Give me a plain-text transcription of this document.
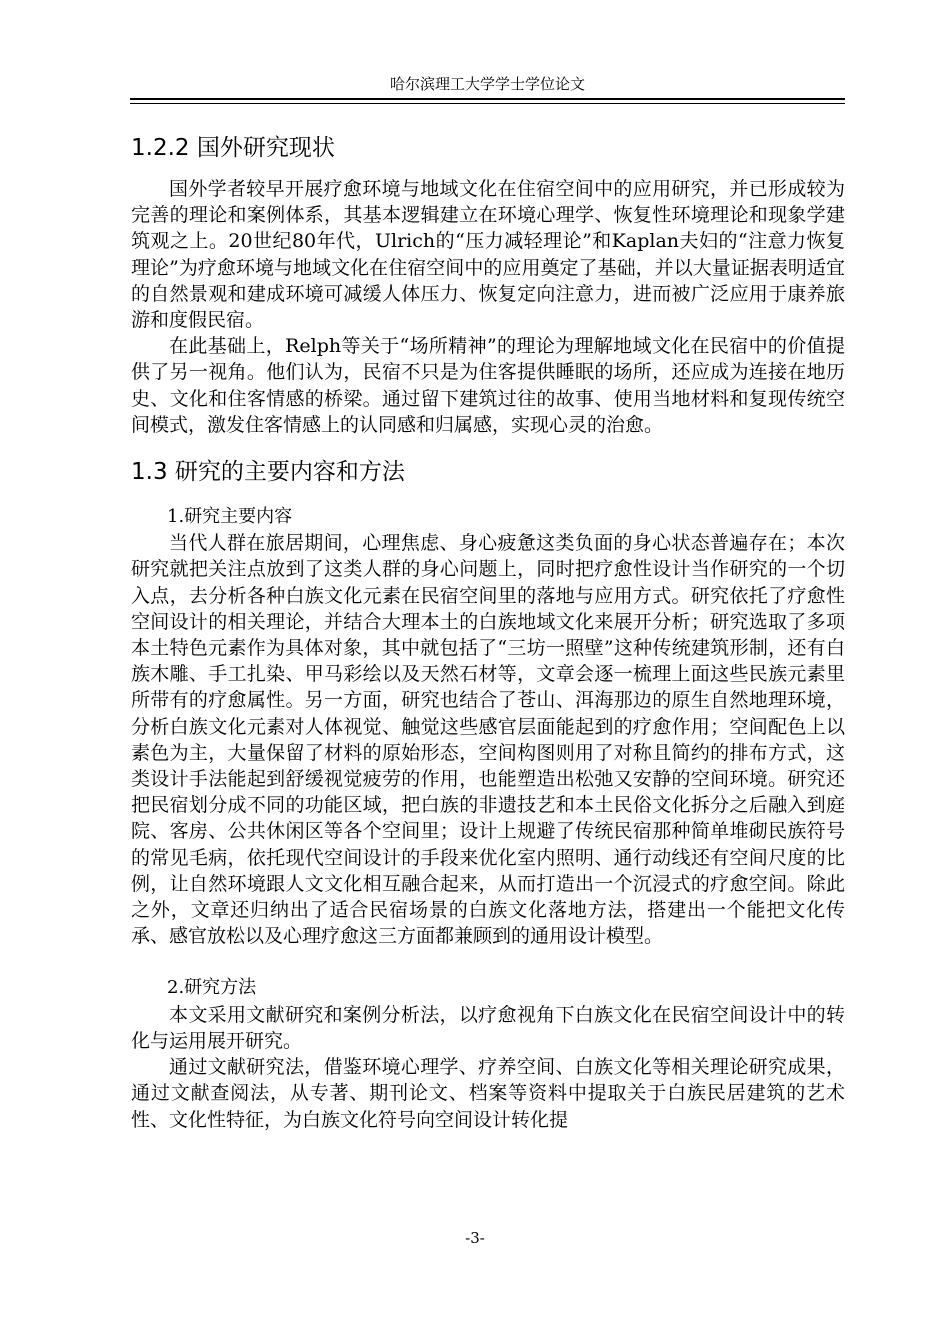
哈尔滨理工大学学士学位论文
1.2.2 国外研究现状

国外学者较早开展疗愈环境与地域文化在住宿空间中的应用研究，并已形成较为完善的理论和案例体系，其基本逻辑建立在环境心理学、恢复性环境理论和现象学建筑观之上。20世纪80年代，Ulrich的“压力减轻理论”和Kaplan夫妇的“注意力恢复理论”为疗愈环境与地域文化在住宿空间中的应用奠定了基础，并以大量证据表明适宜的自然景观和建成环境可减缓人体压力、恢复定向注意力，进而被广泛应用于康养旅游和度假民宿。

在此基础上，Relph等关于“场所精神”的理论为理解地域文化在民宿中的价值提供了另一视角。他们认为，民宿不只是为住客提供睡眠的场所，还应成为连接在地历史、文化和住客情感的桥梁。通过留下建筑过往的故事、使用当地材料和复现传统空间模式，激发住客情感上的认同感和归属感，实现心灵的治愈。

1.3 研究的主要内容和方法

1.研究主要内容

当代人群在旅居期间，心理焦虑、身心疲惫这类负面的身心状态普遍存在；本次研究就把关注点放到了这类人群的身心问题上，同时把疗愈性设计当作研究的一个切入点，去分析各种白族文化元素在民宿空间里的落地与应用方式。研究依托了疗愈性空间设计的相关理论，并结合大理本土的白族地域文化来展开分析；研究选取了多项本土特色元素作为具体对象，其中就包括了“三坊一照壁”这种传统建筑形制，还有白族木雕、手工扎染、甲马彩绘以及天然石材等，文章会逐一梳理上面这些民族元素里所带有的疗愈属性。另一方面，研究也结合了苍山、洱海那边的原生自然地理环境，分析白族文化元素对人体视觉、触觉这些感官层面能起到的疗愈作用；空间配色上以素色为主，大量保留了材料的原始形态，空间构图则用了对称且简约的排布方式，这类设计手法能起到舒缓视觉疲劳的作用，也能塑造出松弛又安静的空间环境。研究还把民宿划分成不同的功能区域，把白族的非遗技艺和本土民俗文化拆分之后融入到庭院、客房、公共休闲区等各个空间里；设计上规避了传统民宿那种简单堆砌民族符号的常见毛病，依托现代空间设计的手段来优化室内照明、通行动线还有空间尺度的比例，让自然环境跟人文文化相互融合起来，从而打造出一个沉浸式的疗愈空间。除此之外，文章还归纳出了适合民宿场景的白族文化落地方法，搭建出一个能把文化传承、感官放松以及心理疗愈这三方面都兼顾到的通用设计模型。

2.研究方法

本文采用文献研究和案例分析法，以疗愈视角下白族文化在民宿空间设计中的转化与运用展开研究。

通过文献研究法，借鉴环境心理学、疗养空间、白族文化等相关理论研究成果，通过文献查阅法，从专著、期刊论文、档案等资料中提取关于白族民居建筑的艺术性、文化性特征，为白族文化符号向空间设计转化提

-3-
